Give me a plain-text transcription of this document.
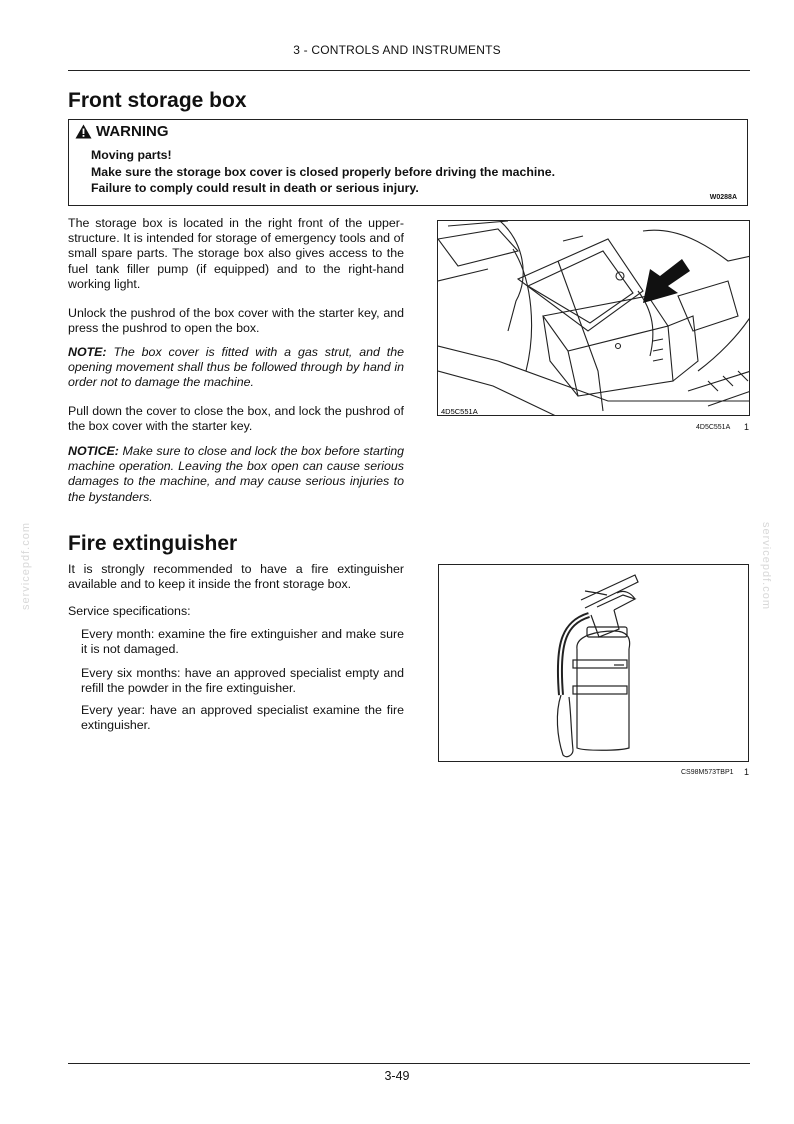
3 - CONTROLS AND INSTRUMENTS
servicepdf.com	servicepdf.com
Front storage box
WARNING
Moving parts!
Make sure the storage box cover is closed properly before driving the machine.
Failure to comply could result in death or serious injury.
W0288A

The storage box is located in the right front of the upper-structure. It is intended for storage of emergency tools and of small spare parts. The storage box also gives access to the fuel tank filler pump (if equipped) and to the right-hand working light.

Unlock the pushrod of the box cover with the starter key, and press the pushrod to open the box.

NOTE: The box cover is fitted with a gas strut, and the opening movement shall thus be followed through by hand in order not to damage the machine.

Pull down the cover to close the box, and lock the pushrod of the box cover with the starter key.

NOTICE: Make sure to close and lock the box before starting machine operation. Leaving the box open can cause serious damages to the machine, and may cause serious injuries to the bystanders.

4D5C551A
4D5C551A 1
Fire extinguisher

It is strongly recommended to have a fire extinguisher available and to keep it inside the front storage box.

Service specifications:

Every month: examine the fire extinguisher and make sure it is not damaged.

Every six months: have an approved specialist empty and refill the powder in the fire extinguisher.

Every year: have an approved specialist examine the fire extinguisher.

CS98M573TBP1 1
3-49
